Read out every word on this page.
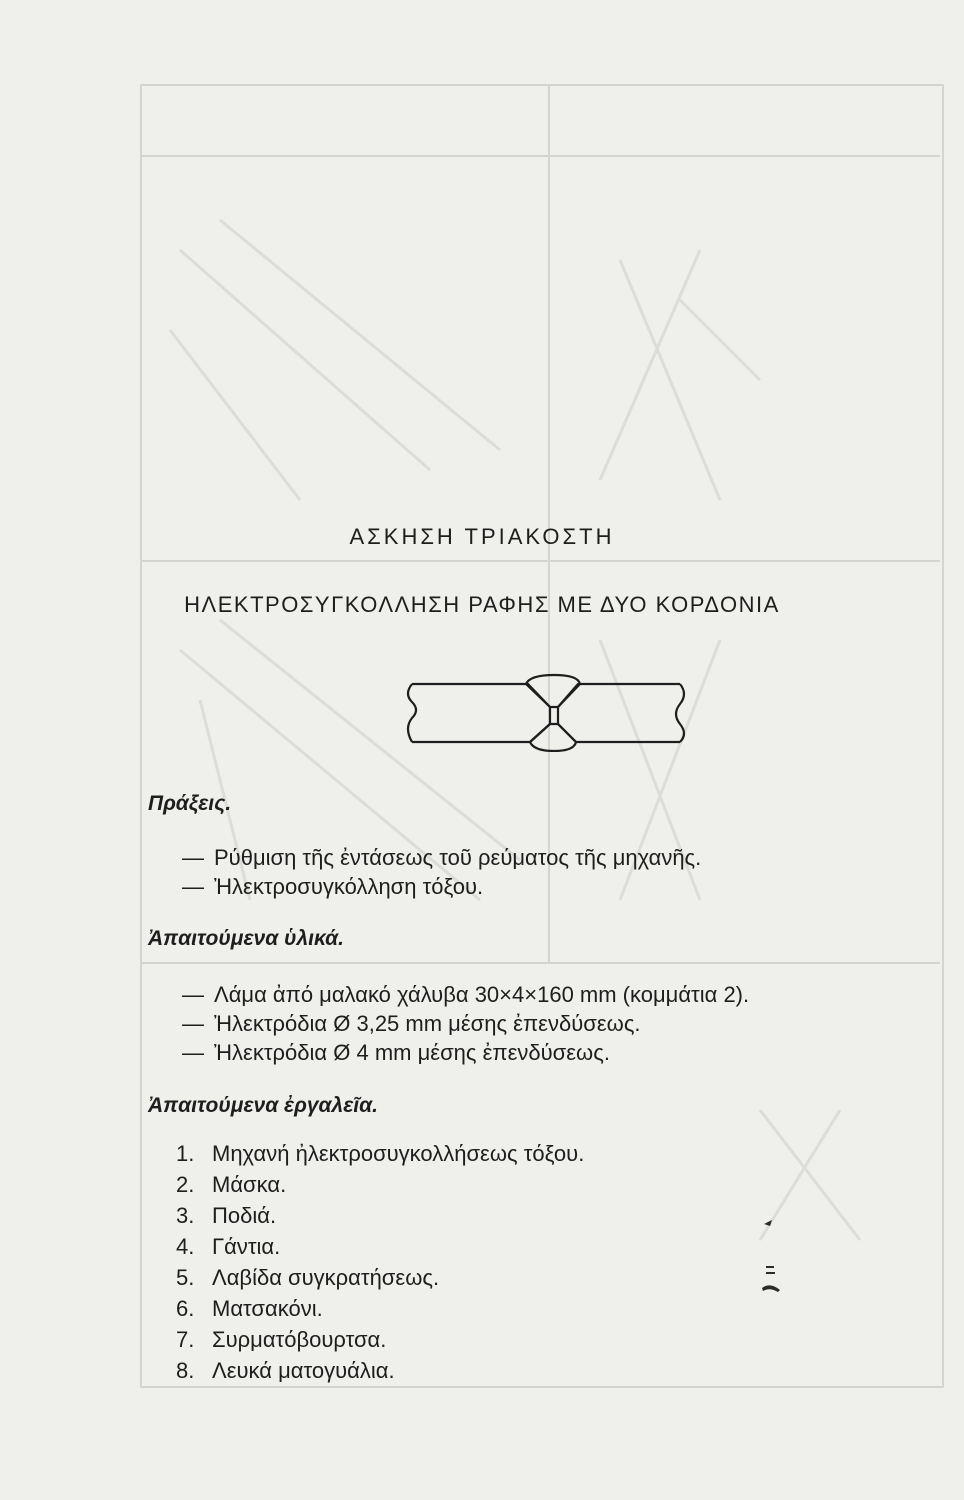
ΑΣΚΗΣΗ ΤΡΙΑΚΟΣΤΗ
ΗΛΕΚΤΡΟΣΥΓΚΟΛΛΗΣΗ ΡΑΦΗΣ ΜΕ ΔΥΟ ΚΟΡΔΟΝΙΑ
Πράξεις.
— Ρύθμιση τῆς ἐντάσεως τοῦ ρεύματος τῆς μηχανῆς.
— Ἠλεκτροσυγκόλληση τόξου.
Ἀπαιτούμενα ὑλικά.
— Λάμα ἀπό μαλακό χάλυβα 30×4×160 mm (κομμάτια 2).
— Ἠλεκτρόδια Ø 3,25 mm μέσης ἐπενδύσεως.
— Ἠλεκτρόδια Ø 4 mm μέσης ἐπενδύσεως.
Ἀπαιτούμενα ἐργαλεῖα.
1. Μηχανή ἠλεκτροσυγκολλήσεως τόξου.
2. Μάσκα.
3. Ποδιά.
4. Γάντια.
5. Λαβίδα συγκρατήσεως.
6. Ματσακόνι.
7. Συρματόβουρτσα.
8. Λευκά ματογυάλια.
